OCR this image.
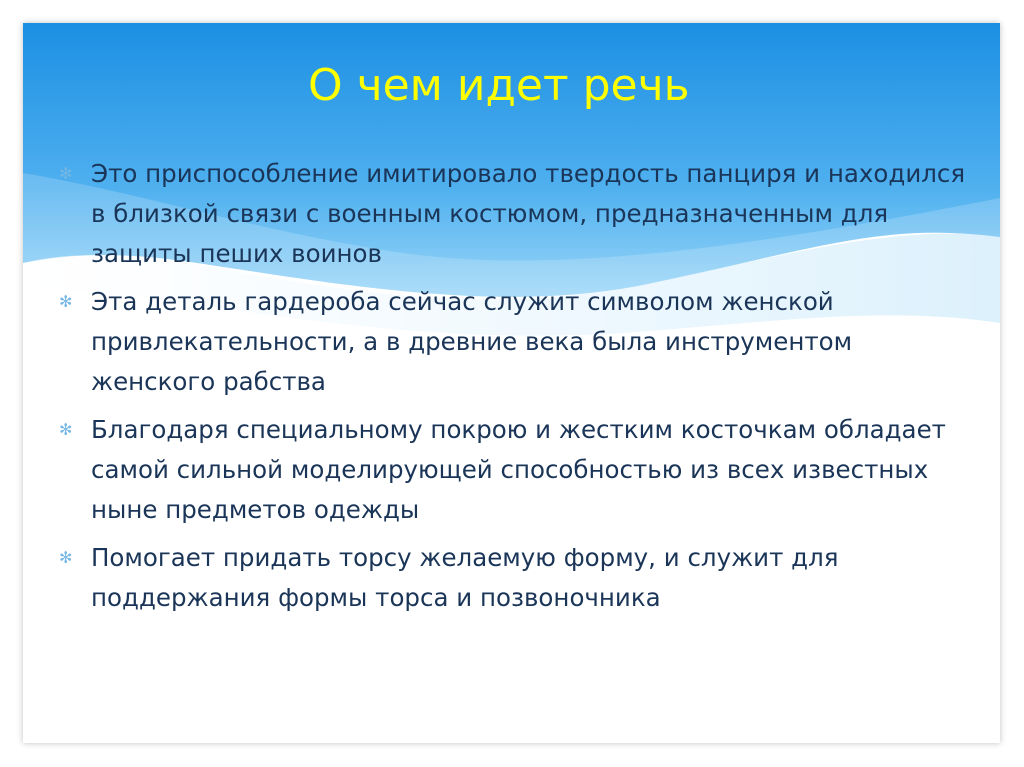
О чем идет речь
✻ Это приспособление имитировало твердость панциря и находился в близкой связи с военным костюмом, предназначенным для защиты пеших воинов
✻ Эта деталь гардероба сейчас служит символом женской привлекательности, а в древние века была инструментом женского рабства
✻ Благодаря специальному покрою и жестким косточкам обладает самой сильной моделирующей способностью из всех известных ныне предметов одежды
✻ Помогает придать торсу желаемую форму, и служит для поддержания формы торса и позвоночника
